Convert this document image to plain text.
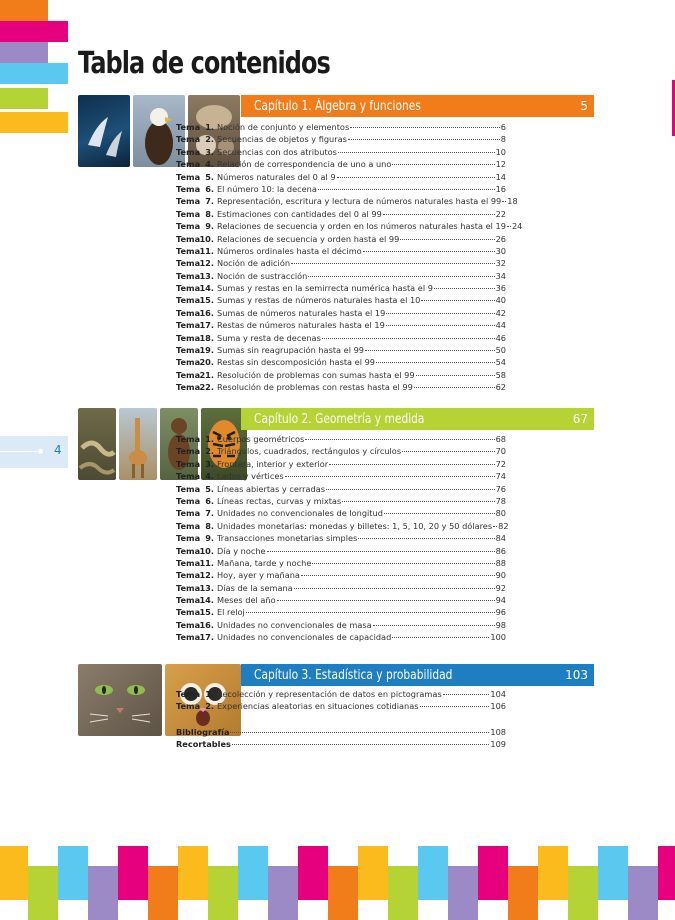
Tabla de contenidos
4
Capítulo 1. Álgebra y funciones	5
Tema 1. Noción de conjunto y elementos	6
Tema 2. Secuencias de objetos y figuras	8
Tema 3. Secuencias con dos atributos	10
Tema 4. Relación de correspondencia de uno a uno	12
Tema 5. Números naturales del 0 al 9	14
Tema 6. El número 10: la decena	16
Tema 7. Representación, escritura y lectura de números naturales hasta el 99 18
Tema 8. Estimaciones con cantidades del 0 al 99	22
Tema 9. Relaciones de secuencia y orden en los números naturales hasta el 19 24
Tema 10. Relaciones de secuencia y orden hasta el 99	26
Tema 11. Números ordinales hasta el décimo	30
Tema 12. Noción de adición	32
Tema 13. Noción de sustracción	34
Tema 14. Sumas y restas en la semirrecta numérica hasta el 9	36
Tema 15. Sumas y restas de números naturales hasta el 10	40
Tema 16. Sumas de números naturales hasta el 19	42
Tema 17. Restas de números naturales hasta el 19	44
Tema 18. Suma y resta de decenas	46
Tema 19. Sumas sin reagrupación hasta el 99	50
Tema 20. Restas sin descomposición hasta el 99	54
Tema 21. Resolución de problemas con sumas hasta el 99	58
Tema 22. Resolución de problemas con restas hasta el 99	62
Capítulo 2. Geometría y medida	67
Tema 1. Cuerpos geométricos	68
Tema 2. Triángulos, cuadrados, rectángulos y círculos	70
Tema 3. Frontera, interior y exterior	72
Tema 4. Lados y vértices	74
Tema 5. Líneas abiertas y cerradas	76
Tema 6. Líneas rectas, curvas y mixtas	78
Tema 7. Unidades no convencionales de longitud	80
Tema 8. Unidades monetarias: monedas y billetes: 1, 5, 10, 20 y 50 dólares 82
Tema 9. Transacciones monetarias simples	84
Tema 10. Día y noche	86
Tema 11. Mañana, tarde y noche	88
Tema 12. Hoy, ayer y mañana	90
Tema 13. Días de la semana	92
Tema 14. Meses del año	94
Tema 15. El reloj	96
Tema 16. Unidades no convencionales de masa	98
Tema 17. Unidades no convencionales de capacidad	100
Capítulo 3. Estadística y probabilidad	103
Tema 1. Recolección y representación de datos en pictogramas	104
Tema 2. Experiencias aleatorias en situaciones cotidianas	106
Bibliografía	108
Recortables	109
